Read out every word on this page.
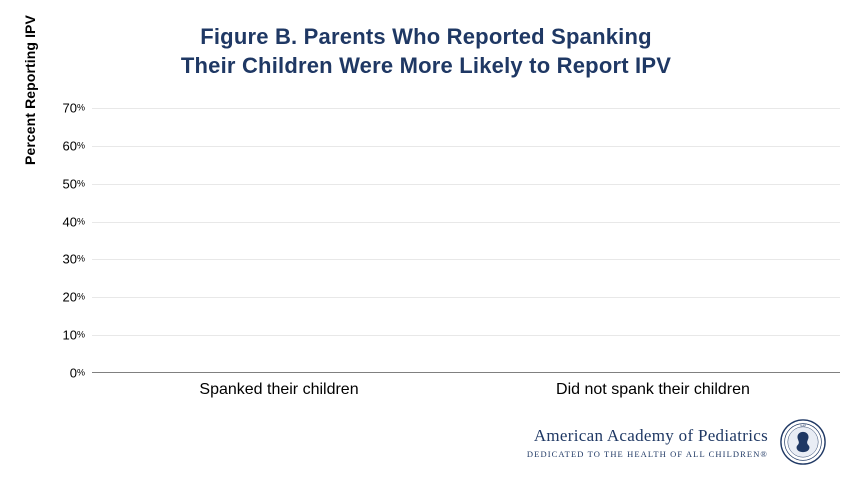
Figure B. Parents Who Reported Spanking
Their Children Were More Likely to Report IPV
Percent Reporting IPV
0%
10%
20%
30%
40%
50%
60%
70%
Spanked their children	Did not spank their children
American Academy of Pediatrics
DEDICATED TO THE HEALTH OF ALL CHILDREN®
AAP
